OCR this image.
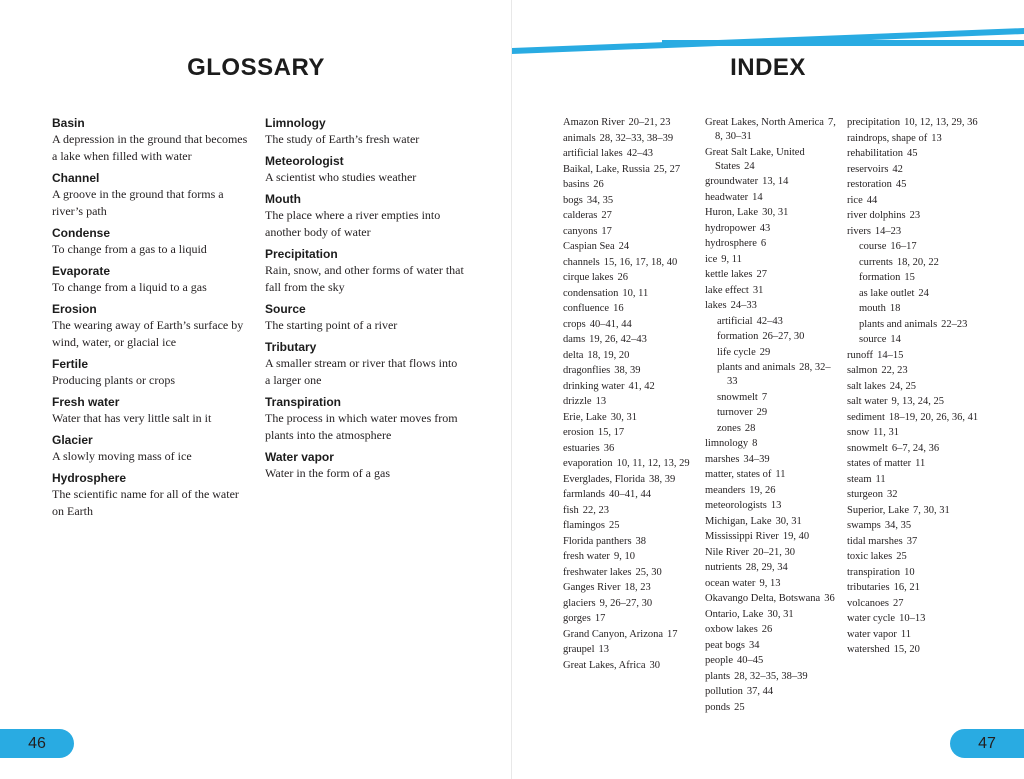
GLOSSARY
Basin
A depression in the ground that becomes a lake when filled with water
Channel
A groove in the ground that forms a river’s path
Condense
To change from a gas to a liquid
Evaporate
To change from a liquid to a gas
Erosion
The wearing away of Earth’s surface by wind, water, or glacial ice
Fertile
Producing plants or crops
Fresh water
Water that has very little salt in it
Glacier
A slowly moving mass of ice
Hydrosphere
The scientific name for all of the water on Earth
Limnology
The study of Earth’s fresh water
Meteorologist
A scientist who studies weather
Mouth
The place where a river empties into another body of water
Precipitation
Rain, snow, and other forms of water that fall from the sky
Source
The starting point of a river
Tributary
A smaller stream or river that flows into a larger one
Transpiration
The process in which water moves from plants into the atmosphere
Water vapor
Water in the form of a gas
46
INDEX
Amazon River 20–21, 23
animals 28, 32–33, 38–39
artificial lakes 42–43
Baikal, Lake, Russia 25, 27
basins 26
bogs 34, 35
calderas 27
canyons 17
Caspian Sea 24
channels 15, 16, 17, 18, 40
cirque lakes 26
condensation 10, 11
confluence 16
crops 40–41, 44
dams 19, 26, 42–43
delta 18, 19, 20
dragonflies 38, 39
drinking water 41, 42
drizzle 13
Erie, Lake 30, 31
erosion 15, 17
estuaries 36
evaporation 10, 11, 12, 13, 29
Everglades, Florida 38, 39
farmlands 40–41, 44
fish 22, 23
flamingos 25
Florida panthers 38
fresh water 9, 10
freshwater lakes 25, 30
Ganges River 18, 23
glaciers 9, 26–27, 30
gorges 17
Grand Canyon, Arizona 17
graupel 13
Great Lakes, Africa 30
Great Lakes, North America 7, 8, 30–31
Great Salt Lake, United States 24
groundwater 13, 14
headwater 14
Huron, Lake 30, 31
hydropower 43
hydrosphere 6
ice 9, 11
kettle lakes 27
lake effect 31
lakes 24–33
artificial 42–43
formation 26–27, 30
life cycle 29
plants and animals 28, 32–33
snowmelt 7
turnover 29
zones 28
limnology 8
marshes 34–39
matter, states of 11
meanders 19, 26
meteorologists 13
Michigan, Lake 30, 31
Mississippi River 19, 40
Nile River 20–21, 30
nutrients 28, 29, 34
ocean water 9, 13
Okavango Delta, Botswana 36
Ontario, Lake 30, 31
oxbow lakes 26
peat bogs 34
people 40–45
plants 28, 32–35, 38–39
pollution 37, 44
ponds 25
precipitation 10, 12, 13, 29, 36
raindrops, shape of 13
rehabilitation 45
reservoirs 42
restoration 45
rice 44
river dolphins 23
rivers 14–23
course 16–17
currents 18, 20, 22
formation 15
as lake outlet 24
mouth 18
plants and animals 22–23
source 14
runoff 14–15
salmon 22, 23
salt lakes 24, 25
salt water 9, 13, 24, 25
sediment 18–19, 20, 26, 36, 41
snow 11, 31
snowmelt 6–7, 24, 36
states of matter 11
steam 11
sturgeon 32
Superior, Lake 7, 30, 31
swamps 34, 35
tidal marshes 37
toxic lakes 25
transpiration 10
tributaries 16, 21
volcanoes 27
water cycle 10–13
water vapor 11
watershed 15, 20
47
